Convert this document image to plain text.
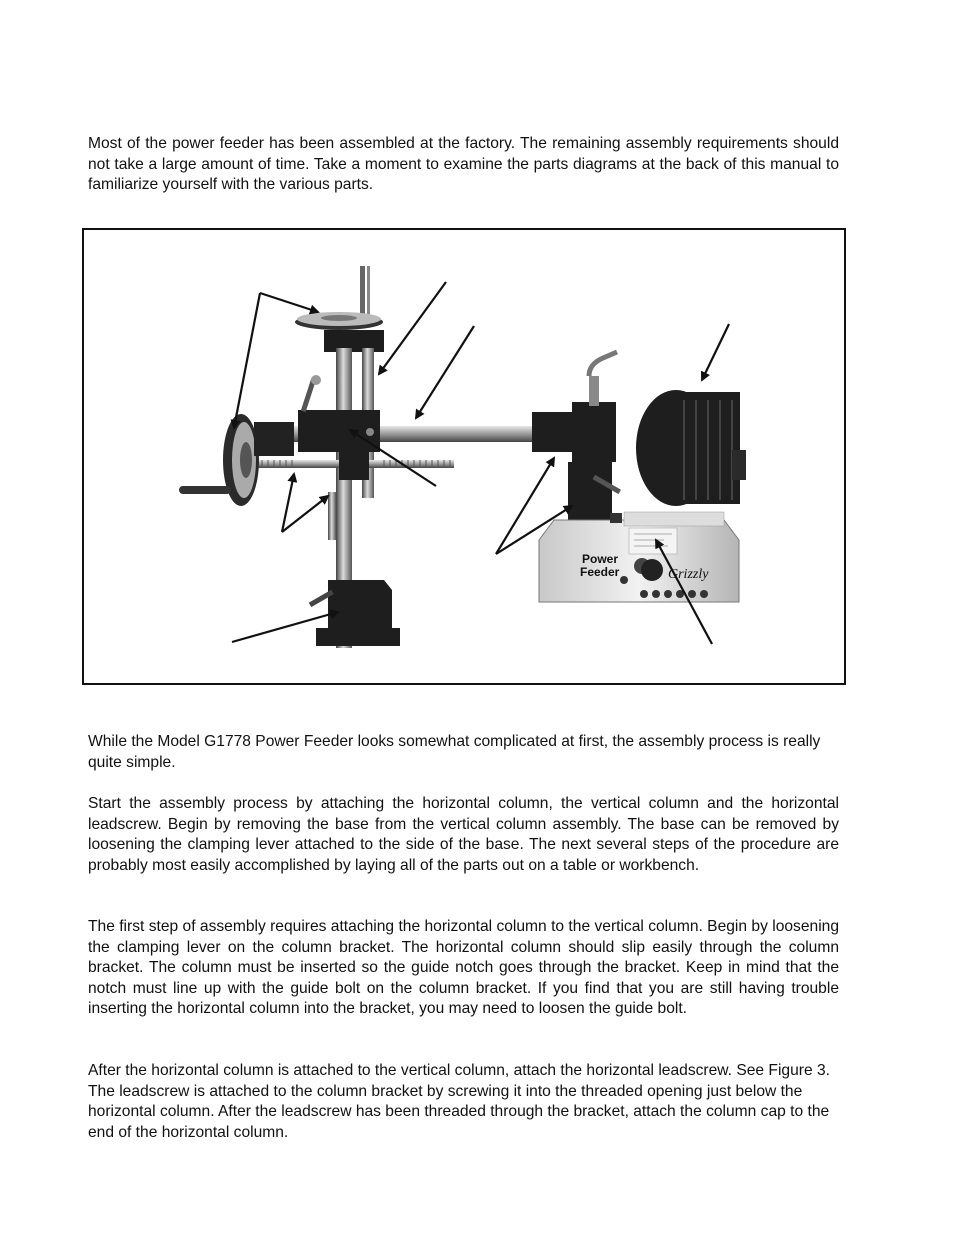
Most of the power feeder has been assembled at the factory. The remaining assembly requirements should not take a large amount of time. Take a moment to examine the parts diagrams at the back of this manual to familiarize yourself with the various parts.

Power
Feeder	Grizzly

While the Model G1778 Power Feeder looks somewhat complicated at first, the assembly process is really quite simple.

Start the assembly process by attaching the horizontal column, the vertical column and the horizontal leadscrew. Begin by removing the base from the vertical column assembly. The base can be removed by loosening the clamping lever attached to the side of the base. The next several steps of the procedure are probably most easily accomplished by laying all of the parts out on a table or workbench.

The first step of assembly requires attaching the horizontal column to the vertical column. Begin by loosening the clamping lever on the column bracket. The horizontal column should slip easily through the column bracket. The column must be inserted so the guide notch goes through the bracket. Keep in mind that the notch must line up with the guide bolt on the column bracket. If you find that you are still having trouble inserting the horizontal column into the bracket, you may need to loosen the guide bolt.

After the horizontal column is attached to the vertical column, attach the horizontal leadscrew. See Figure 3. The leadscrew is attached to the column bracket by screwing it into the threaded opening just below the horizontal column. After the leadscrew has been threaded through the bracket, attach the column cap to the end of the horizontal column.
